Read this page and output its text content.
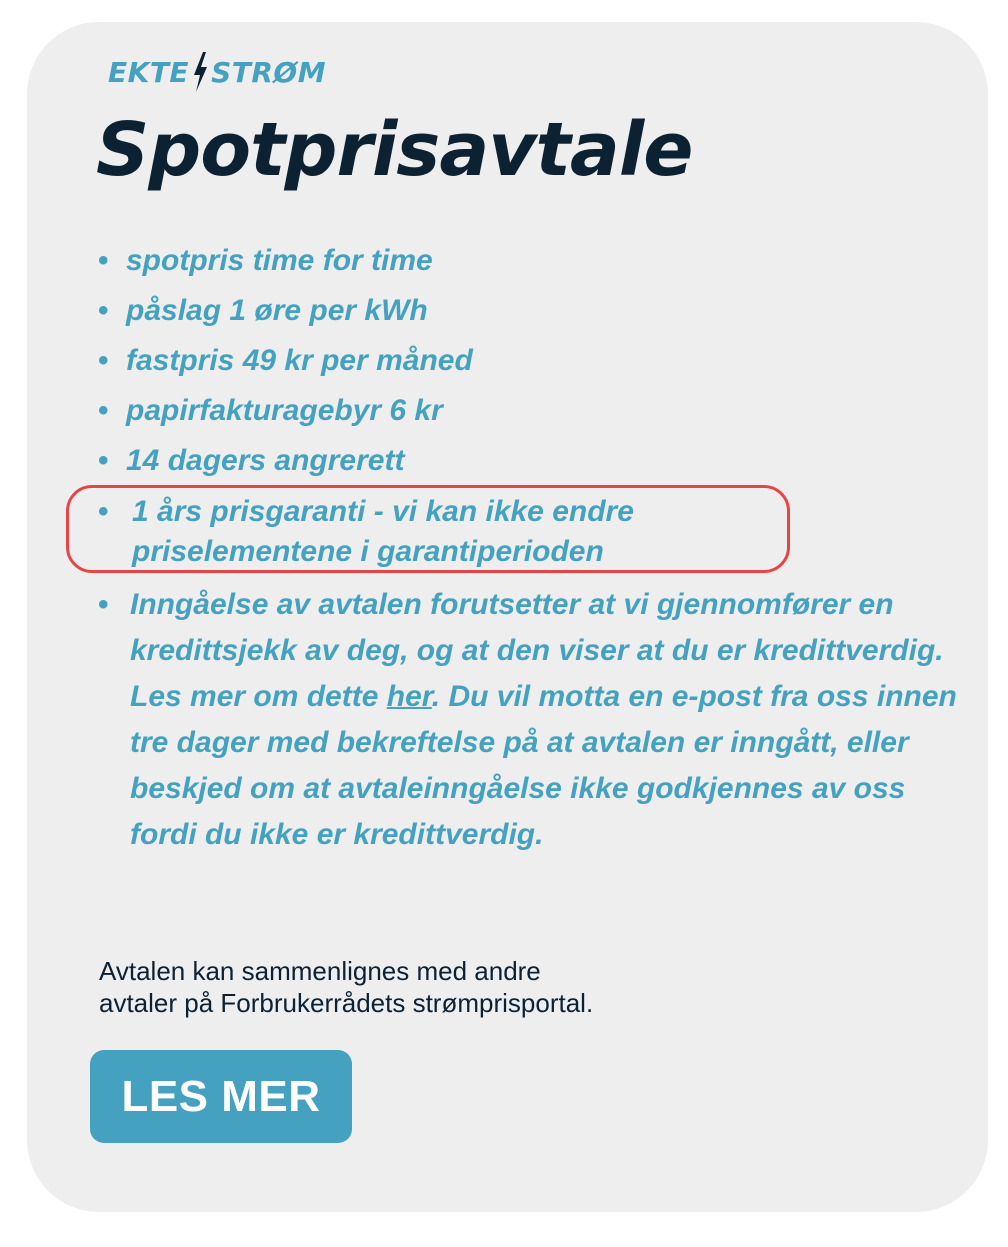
EKTE STRØM
Spotprisavtale
• spotpris time for time
• påslag 1 øre per kWh
• fastpris 49 kr per måned
• papirfakturagebyr 6 kr
• 14 dagers angrerett
• 1 års prisgaranti - vi kan ikke endre
priselementene i garantiperioden
• Inngåelse av avtalen forutsetter at vi gjennomfører en kredittsjekk av deg, og at den viser at du er kredittverdig. Les mer om dette her. Du vil motta en e-post fra oss innen tre dager med bekreftelse på at avtalen er inngått, eller beskjed om at avtaleinngåelse ikke godkjennes av oss fordi du ikke er kredittverdig.

Avtalen kan sammenlignes med andre
avtaler på Forbrukerrådets strømprisportal.

LES MER
